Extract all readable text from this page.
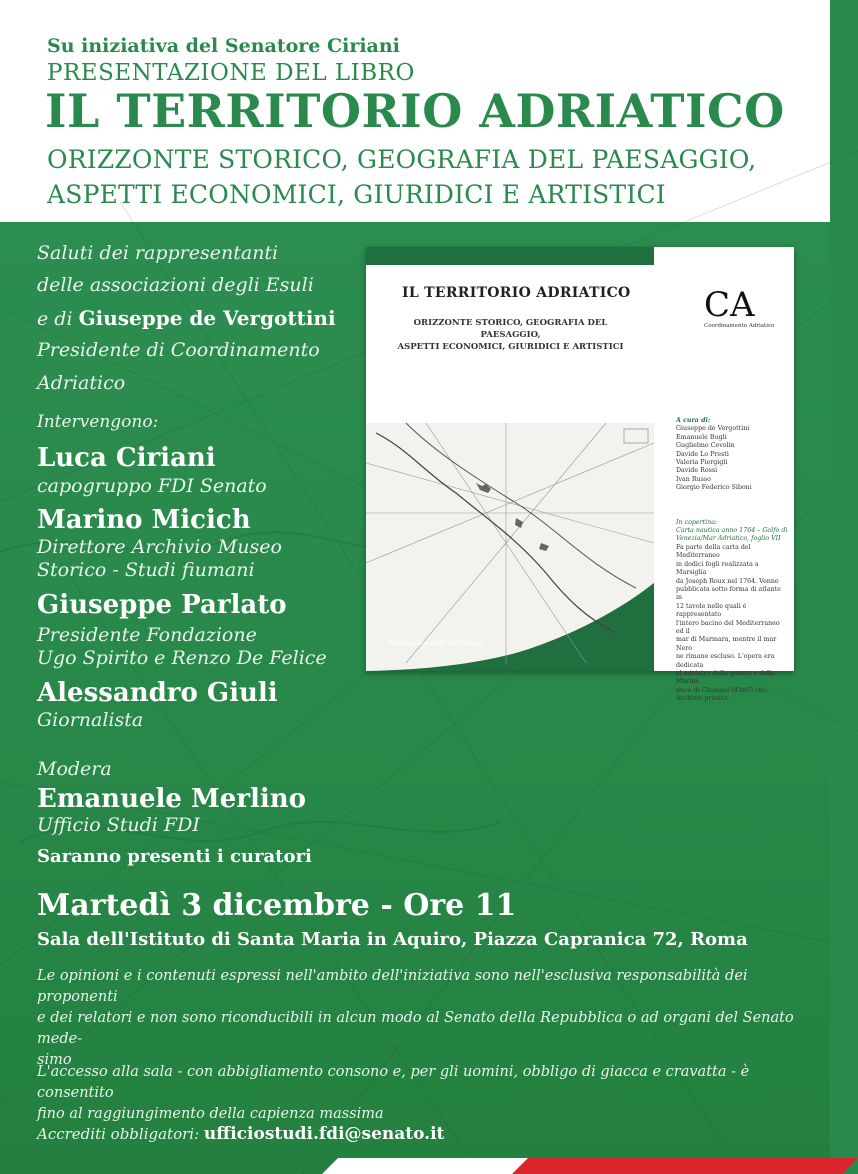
Su iniziativa del Senatore Ciriani
PRESENTAZIONE DEL LIBRO
IL TERRITORIO ADRIATICO
ORIZZONTE STORICO, GEOGRAFIA DEL PAESAGGIO,
ASPETTI ECONOMICI, GIURIDICI E ARTISTICI
Saluti dei rappresentanti
delle associazioni degli Esuli
e di Giuseppe de Vergottini
Presidente di Coordinamento
Adriatico
Intervengono:
Luca Ciriani
capogruppo FDI Senato
Marino Micich
Direttore Archivio Museo
Storico - Studi fiumani
Giuseppe Parlato
Presidente Fondazione
Ugo Spirito e Renzo De Felice
Alessandro Giuli
Giornalista
Modera
Emanuele Merlino
Ufficio Studi FDI
Saranno presenti i curatori
Martedì 3 dicembre - Ore 11
Sala dell'Istituto di Santa Maria in Aquiro, Piazza Capranica 72, Roma
Le opinioni e i contenuti espressi nell'ambito dell'iniziativa sono nell'esclusiva responsabilità dei proponenti
e dei relatori e non sono riconducibili in alcun modo al Senato della Repubblica o ad organi del Senato mede-
simo
L'accesso alla sala - con abbigliamento consono e, per gli uomini, obbligo di giacca e cravatta - è consentito
fino al raggiungimento della capienza massima
Accrediti obbligatori: ufficiostudi.fdi@senato.it
IL TERRITORIO ADRIATICO
ORIZZONTE STORICO, GEOGRAFIA DEL PAESAGGIO,
ASPETTI ECONOMICI, GIURIDICI E ARTISTICI
CA
Coordinamento Adriatico
Edizioni Scientifiche Italiane
A cura di:
Giuseppe de Vergottini
Emanuele Bugli
Guglielmo Cevolin
Davide Lo Presti
Valeria Piergigli
Davide Rossi
Ivan Russo
Giorgio Federico Siboni
In copertina:
Carta nautica anno 1764 – Golfo di Venezia/Mar Adriatico, foglio VII
Fa parte della carta del Mediterraneo
in dodici fogli realizzata a Marsiglia
da Joseph Roux nel 1764. Venne
pubblicata sotto forma di atlante in
12 tavole nelle quali è rappresentato
l'intero bacino del Mediterraneo ed il
mar di Marmara, mentre il mar Nero
ne rimane escluso. L'opera era dedicata
al ministro della guerra e della Marina
duca di Choiseul (83x63 cm).
Archivio privato.
